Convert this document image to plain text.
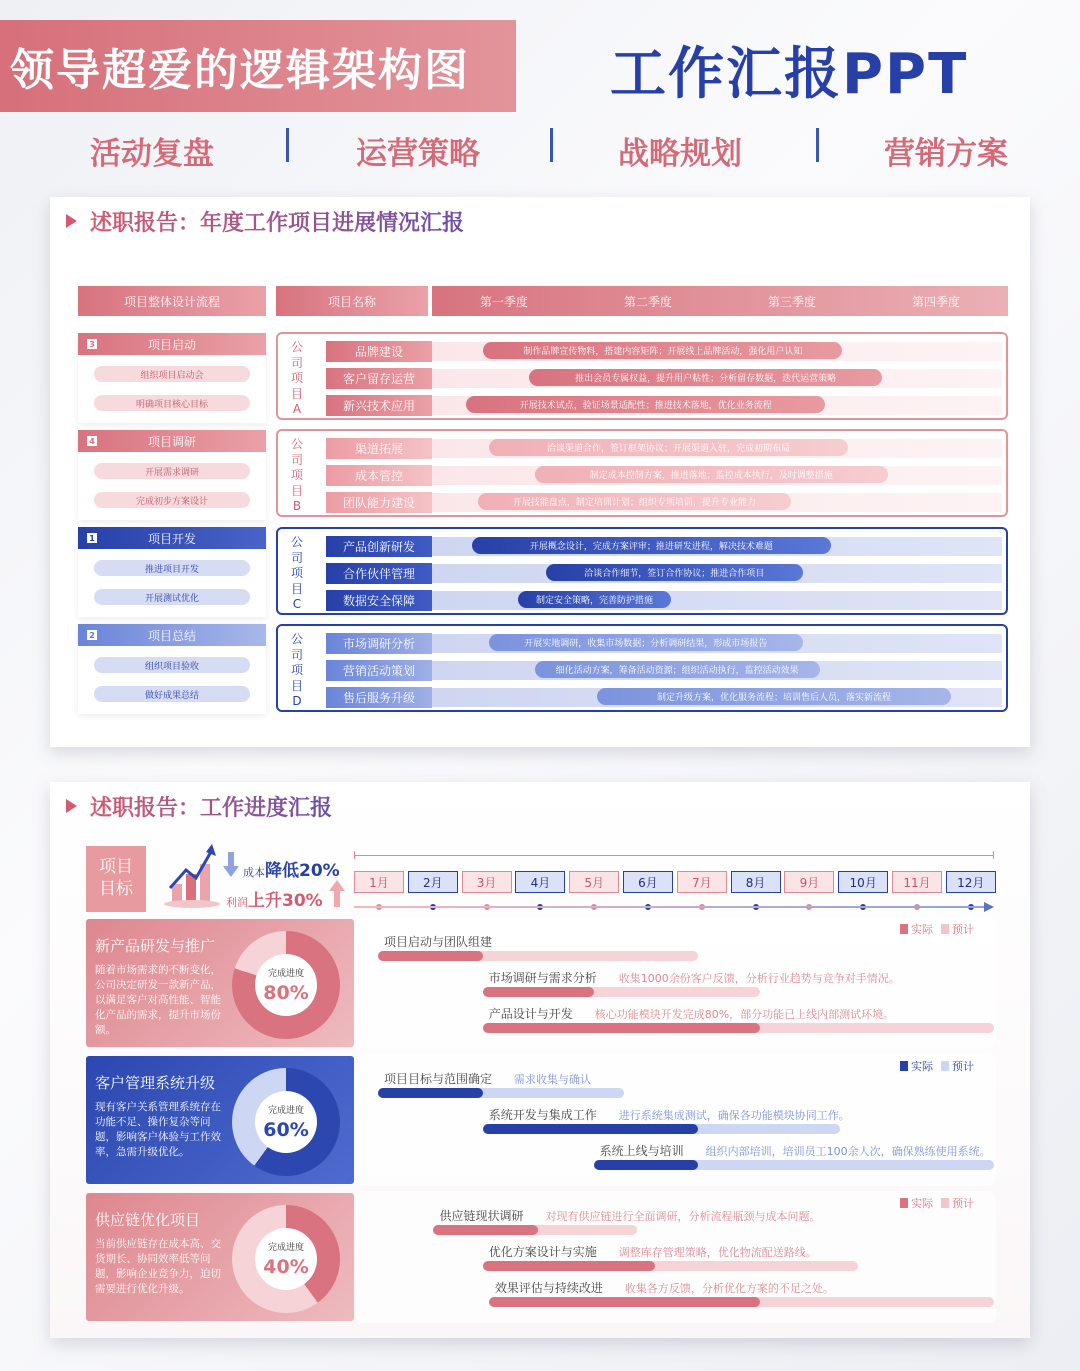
领导超爱的逻辑架构图	工作汇报PPT
活动复盘	运营策略	战略规划	营销方案
述职报告：年度工作项目进展情况汇报
项目整体设计流程	项目名称	第一季度	第二季度	第三季度	第四季度
3	项目启动
组织项目启动会
明确项目核心目标
4	项目调研
开展需求调研
完成初步方案设计
1	项目开发
推进项目开发
开展测试优化
2	项目总结
组织项目验收
做好成果总结
公司项目A
品牌建设	制作品牌宣传物料，搭建内容矩阵；开展线上品牌活动，强化用户认知
客户留存运营	推出会员专属权益，提升用户粘性；分析留存数据，迭代运营策略
新兴技术应用	开展技术试点，验证场景适配性；推进技术落地，优化业务流程
公司项目B
渠道拓展	洽谈渠道合作，签订框架协议；开展渠道入驻，完成初期布局
成本管控	制定成本控制方案，推进落地；监控成本执行，及时调整措施
团队能力建设	开展技能盘点，制定培训计划；组织专项培训，提升专业能力
公司项目C
产品创新研发	开展概念设计，完成方案评审；推进研发进程，解决技术难题
合作伙伴管理	洽谈合作细节，签订合作协议；推进合作项目
数据安全保障	制定安全策略，完善防护措施
公司项目D
市场调研分析	开展实地调研，收集市场数据；分析调研结果，形成市场报告
营销活动策划	细化活动方案，筹备活动资源；组织活动执行，监控活动效果
售后服务升级	制定升级方案，优化服务流程；培训售后人员，落实新流程
述职报告：工作进度汇报
项目目标
成本降低20%
利润上升30%
1月	2月	3月	4月	5月	6月	7月	8月	9月	10月	11月	12月
新产品研发与推广
随着市场需求的不断变化，公司决定研发一款新产品，以满足客户对高性能、智能化产品的需求，提升市场份额。
完成进度
80%
实际 预计
项目启动与团队组建
市场调研与需求分析 收集1000余份客户反馈，分析行业趋势与竞争对手情况。
产品设计与开发 核心功能模块开发完成80%，部分功能已上线内部测试环境。
客户管理系统升级
现有客户关系管理系统存在功能不足、操作复杂等问题，影响客户体验与工作效率，急需升级优化。
完成进度
60%
实际 预计
项目目标与范围确定 需求收集与确认
系统开发与集成工作 进行系统集成测试，确保各功能模块协同工作。
系统上线与培训 组织内部培训，培训员工100余人次，确保熟练使用系统。
供应链优化项目
当前供应链存在成本高、交货期长、协同效率低等问题，影响企业竞争力，迫切需要进行优化升级。
完成进度
40%
实际 预计
供应链现状调研 对现有供应链进行全面调研，分析流程瓶颈与成本问题。
优化方案设计与实施 调整库存管理策略，优化物流配送路线。
效果评估与持续改进 收集各方反馈，分析优化方案的不足之处。
